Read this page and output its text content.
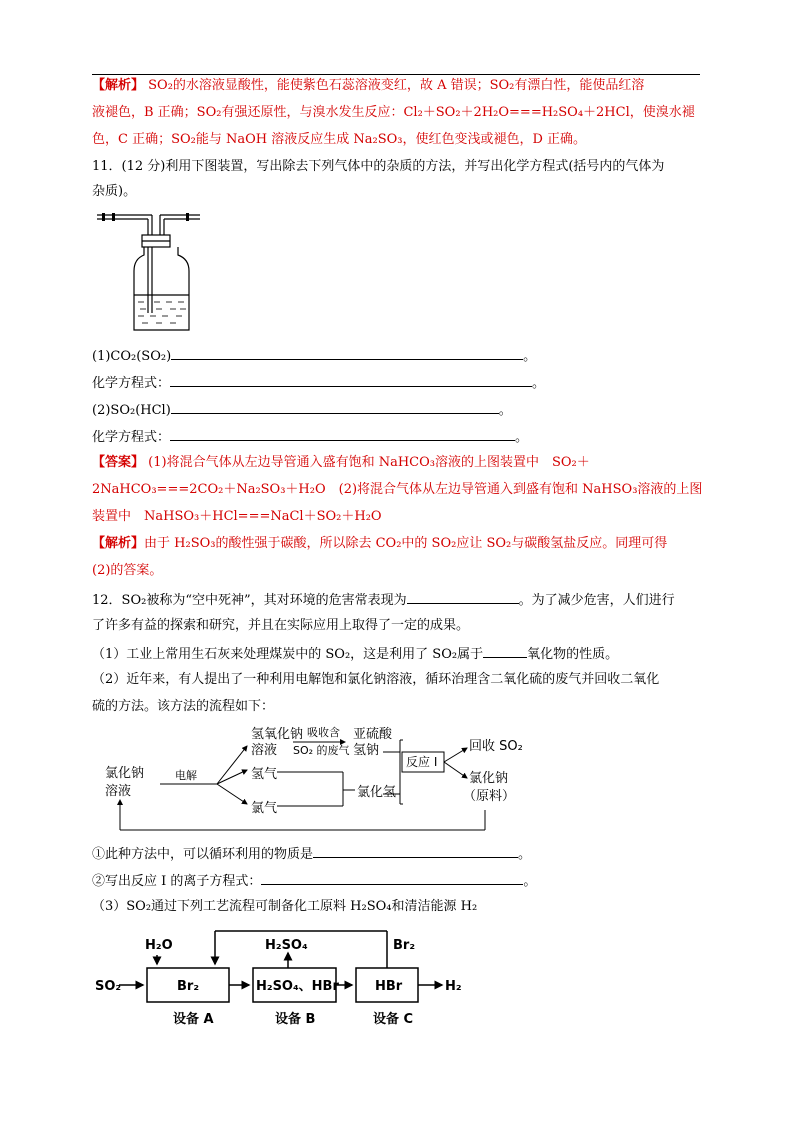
【解析】 SO₂的水溶液显酸性，能使紫色石蕊溶液变红，故 A 错误；SO₂有漂白性，能使品红溶
液褪色，B 正确；SO₂有强还原性，与溴水发生反应：Cl₂＋SO₂＋2H₂O===H₂SO₄＋2HCl，使溴水褪
色，C 正确；SO₂能与 NaOH 溶液反应生成 Na₂SO₃，使红色变浅或褪色，D 正确。
11．(12 分)利用下图装置，写出除去下列气体中的杂质的方法，并写出化学方程式(括号内的气体为
杂质)。
(1)CO₂(SO₂)	。
化学方程式：	。
(2)SO₂(HCl)	。
化学方程式：	。
【答案】 (1)将混合气体从左边导管通入盛有饱和 NaHCO₃溶液的上图装置中　SO₂＋
2NaHCO₃===2CO₂＋Na₂SO₃＋H₂O　(2)将混合气体从左边导管通入到盛有饱和 NaHSO₃溶液的上图
装置中　NaHSO₃＋HCl===NaCl＋SO₂＋H₂O
【解析】由于 H₂SO₃的酸性强于碳酸，所以除去 CO₂中的 SO₂应让 SO₂与碳酸氢盐反应。同理可得
(2)的答案。
12．SO₂被称为“空中死神”，其对环境的危害常表现为	。为了减少危害，人们进行
了许多有益的探索和研究，并且在实际应用上取得了一定的成果。
（1）工业上常用生石灰来处理煤炭中的 SO₂，这是利用了 SO₂属于	氧化物的性质。
（2）近年来，有人提出了一种利用电解饱和氯化钠溶液，循环治理含二氧化硫的废气并回收二氧化
硫的方法。该方法的流程如下：
氯化钠
溶液
电解
氢氧化钠
溶液
吸收含
SO₂ 的废气
亚硫酸
氢钠
氢气
氯气
氯化氢
反应 I
回收 SO₂
氯化钠
（原料）
①此种方法中，可以循环利用的物质是	。
②写出反应 I 的离子方程式：	。
（3）SO₂通过下列工艺流程可制备化工原料 H₂SO₄和清洁能源 H₂
H₂O
SO₂	Br₂
H₂SO₄
H₂SO₄、HBr	HBr
Br₂
H₂
设备 A	设备 B	设备 C
